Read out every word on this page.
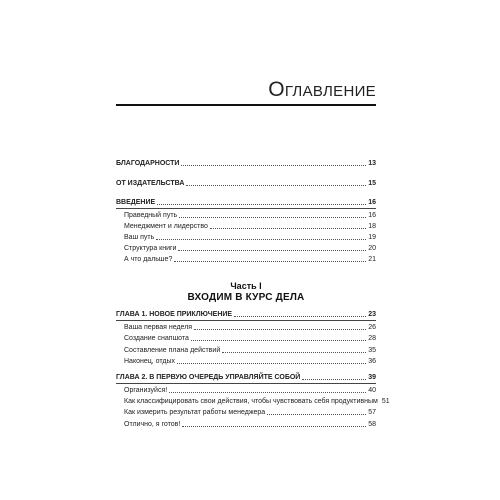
Оглавление
БЛАГОДАРНОСТИ	13
ОТ ИЗДАТЕЛЬСТВА	15
ВВЕДЕНИЕ	16
Праведный путь	16
Менеджмент и лидерство	18
Ваш путь	19
Структура книги	20
А что дальше?	21
Часть I
ВХОДИМ В КУРС ДЕЛА
ГЛАВА 1. НОВОЕ ПРИКЛЮЧЕНИЕ	23
Ваша первая неделя	26
Создание снапшота	28
Составление плана действий	35
Наконец, отдых	36
ГЛАВА 2. В ПЕРВУЮ ОЧЕРЕДЬ УПРАВЛЯЙТЕ СОБОЙ	39
Организуйся!	40
Как классифицировать свои действия, чтобы чувствовать себя продуктивным 51
Как измерить результат работы менеджера	57
Отлично, я готов!	58
